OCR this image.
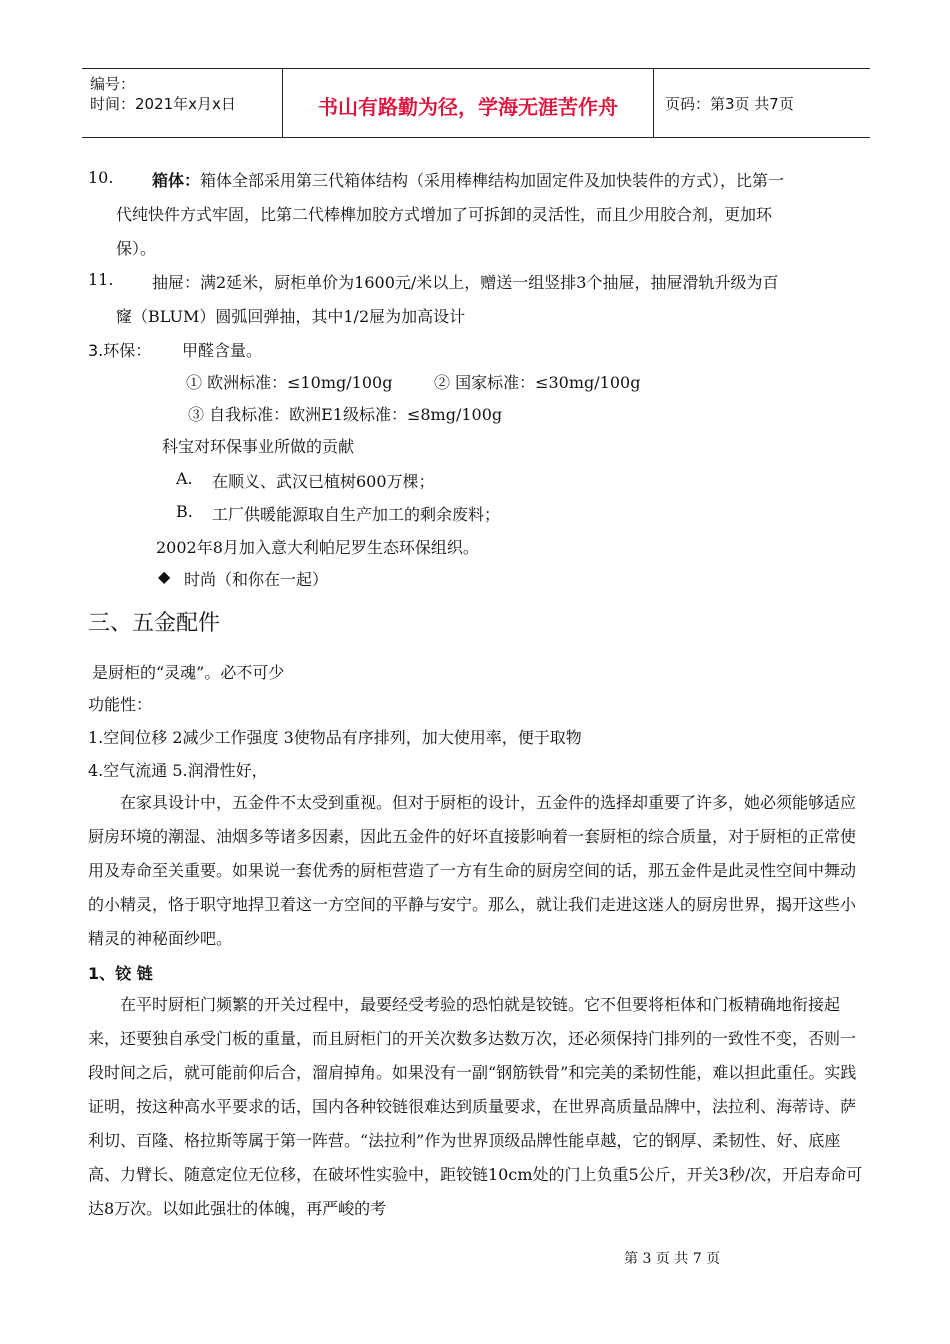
编号：
时间：2021年x月x日	书山有路勤为径，学海无涯苦作舟	页码：第3页 共7页
10. 箱体：箱体全部采用第三代箱体结构（采用棒榫结构加固定件及加快装件的方式），比第一
代纯快件方式牢固，比第二代棒榫加胶方式增加了可拆卸的灵活性，而且少用胶合剂，更加环
保）。
11. 抽屉：满2延米，厨柜单价为1600元/米以上，赠送一组竖排3个抽屉，抽屉滑轨升级为百
窿（BLUM）圆弧回弹抽，其中1/2屉为加高设计
3.环保： 甲醛含量。
① 欧洲标准：≤10mg/100g	② 国家标准：≤30mg/100g
③ 自我标准：欧洲E1级标准：≤8mg/100g
科宝对环保事业所做的贡献
A. 在顺义、武汉已植树600万棵；
B. 工厂供暖能源取自生产加工的剩余废料；
2002年8月加入意大利帕尼罗生态环保组织。
◆ 时尚（和你在一起）
三、五金配件
是厨柜的“灵魂”。必不可少
功能性：
1.空间位移 2减少工作强度 3使物品有序排列，加大使用率，便于取物
4.空气流通 5.润滑性好，
在家具设计中，五金件不太受到重视。但对于厨柜的设计，五金件的选择却重要了许多，她必须能够适应厨房环境的潮湿、油烟多等诸多因素，因此五金件的好坏直接影响着一套厨柜的综合质量，对于厨柜的正常使用及寿命至关重要。如果说一套优秀的厨柜营造了一方有生命的厨房空间的话，那五金件是此灵性空间中舞动的小精灵，恪于职守地捍卫着这一方空间的平静与安宁。那么，就让我们走进这迷人的厨房世界，揭开这些小精灵的神秘面纱吧。
1、铰 链
在平时厨柜门频繁的开关过程中，最要经受考验的恐怕就是铰链。它不但要将柜体和门板精确地衔接起来，还要独自承受门板的重量，而且厨柜门的开关次数多达数万次，还必须保持门排列的一致性不变，否则一段时间之后，就可能前仰后合，溜肩掉角。如果没有一副“钢筋铁骨”和完美的柔韧性能，难以担此重任。实践证明，按这种高水平要求的话，国内各种铰链很难达到质量要求，在世界高质量品牌中，法拉利、海蒂诗、萨利切、百隆、格拉斯等属于第一阵营。“法拉利”作为世界顶级品牌性能卓越，它的钢厚、柔韧性、好、底座高、力臂长、随意定位无位移，在破坏性实验中，距铰链10cm处的门上负重5公斤，开关3秒/次，开启寿命可达8万次。以如此强壮的体魄，再严峻的考
第 3 页 共 7 页
